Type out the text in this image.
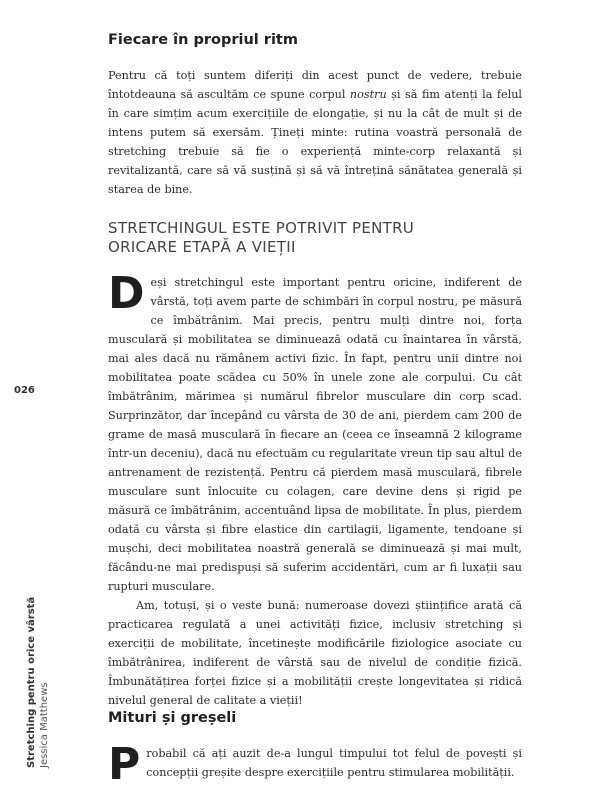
026
Stretching pentru orice vârstă Jessica Matthews
Fiecare în propriul ritm

Pentru că toți suntem diferiți din acest punct de vedere, trebuie întotdeauna să ascultăm ce spune corpul nostru și să fim atenți la felul în care simțim acum exercițiile de elongație, și nu la cât de mult și de intens putem să exersăm. Țineți minte: rutina voastră personală de stretching trebuie să fie o experiență minte-corp relaxantă și revitalizantă, care să vă susțină și să vă întrețină sănătatea generală și starea de bine.

STRETCHINGUL ESTE POTRIVIT PENTRU
ORICARE ETAPĂ A VIEȚII

Deși stretchingul este important pentru oricine, indiferent de vârstă, toți avem parte de schimbări în corpul nostru, pe măsură ce îmbătrânim. Mai precis, pentru mulți dintre noi, forța musculară și mobilitatea se diminuează odată cu înaintarea în vârstă, mai ales dacă nu rămânem activi fizic. În fapt, pentru unii dintre noi mobilitatea poate scădea cu 50% în unele zone ale corpului. Cu cât îmbătrânim, mărimea și numărul fibrelor musculare din corp scad. Surprinzător, dar începând cu vârsta de 30 de ani, pierdem cam 200 de grame de masă musculară în fiecare an (ceea ce înseamnă 2 kilograme într-un deceniu), dacă nu efectuăm cu regularitate vreun tip sau altul de antrenament de rezistență. Pentru că pierdem masă musculară, fibrele musculare sunt înlocuite cu colagen, care devine dens și rigid pe măsură ce îmbătrânim, accentuând lipsa de mobilitate. În plus, pierdem odată cu vârsta și fibre elastice din cartilagii, ligamente, tendoane și mușchi, deci mobilitatea noastră generală se diminuează și mai mult, făcându-ne mai predispuși să suferim accidentări, cum ar fi luxații sau rupturi musculare.

Am, totuși, și o veste bună: numeroase dovezi științifice arată că practicarea regulată a unei activități fizice, inclusiv stretching și exerciții de mobilitate, încetinește modificările fiziologice asociate cu îmbătrânirea, indiferent de vârstă sau de nivelul de condiție fizică. Îmbunătățirea forței fizice și a mobilității crește longevitatea și ridică nivelul general de calitate a vieții!

Mituri și greșeli

Probabil că ați auzit de-a lungul timpului tot felul de povești și concepții greșite despre exercițiile pentru stimularea mobilității.
